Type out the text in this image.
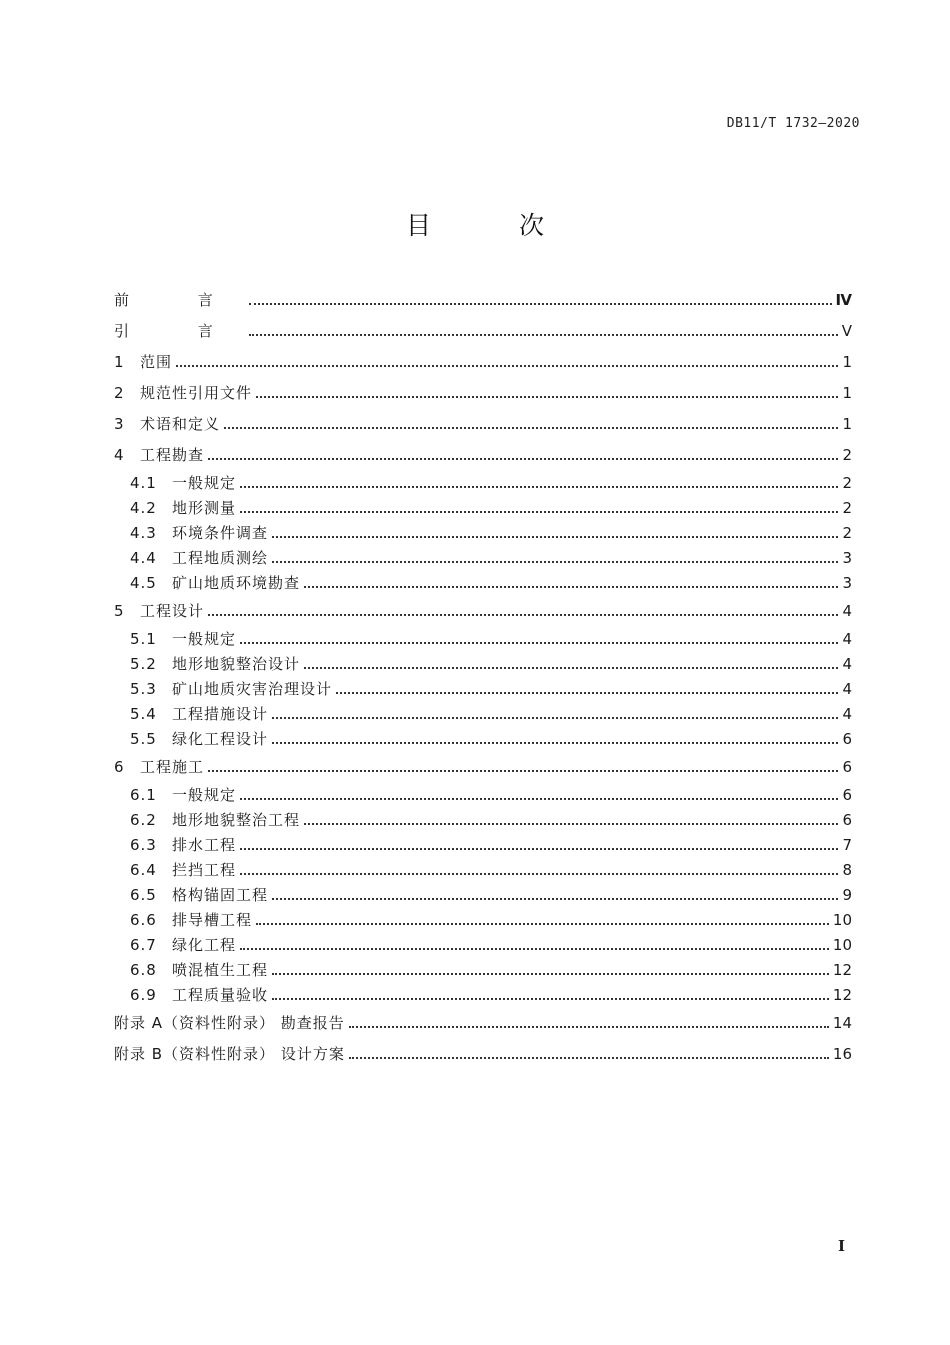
DB11/T 1732—2020
目 次
前 言	Ⅳ
引 言	V
1	范围	1
2	规范性引用文件	1
3	术语和定义	1
4	工程勘查	2
4.1	一般规定	2
4.2	地形测量	2
4.3	环境条件调查	2
4.4	工程地质测绘	3
4.5	矿山地质环境勘查	3
5	工程设计	4
5.1	一般规定	4
5.2	地形地貌整治设计	4
5.3	矿山地质灾害治理设计	4
5.4	工程措施设计	4
5.5	绿化工程设计	6
6	工程施工	6
6.1	一般规定	6
6.2	地形地貌整治工程	6
6.3	排水工程	7
6.4	拦挡工程	8
6.5	格构锚固工程	9
6.6	排导槽工程	10
6.7	绿化工程	10
6.8	喷混植生工程	12
6.9	工程质量验收	12
附录 A（资料性附录） 勘查报告	14
附录 B（资料性附录） 设计方案	16
I
